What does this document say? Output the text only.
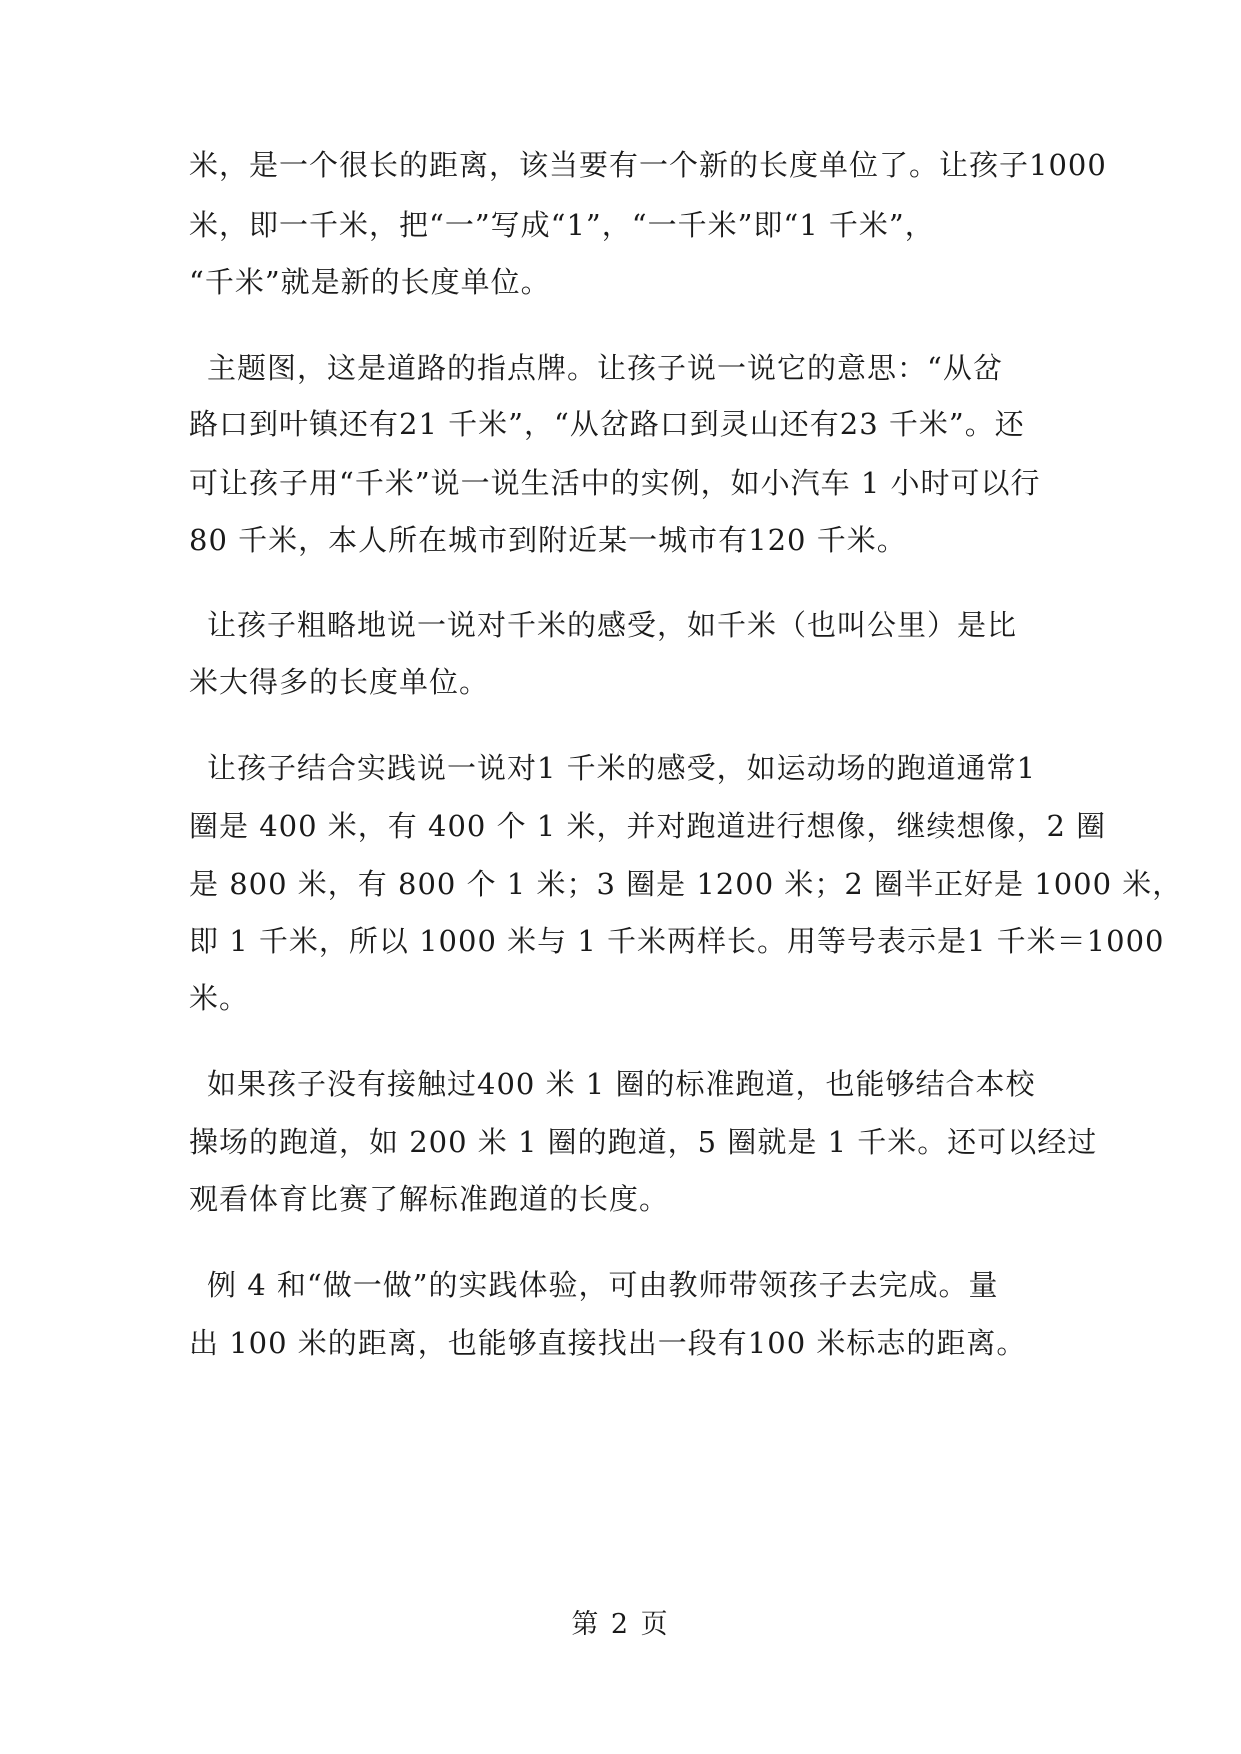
米，是一个很长的距离，该当要有一个新的长度单位了。让孩子1000
米，即一千米，把“一”写成“1”，“一千米”即“1 千米”，
“千米”就是新的长度单位。
主题图，这是道路的指点牌。让孩子说一说它的意思：“从岔
路口到叶镇还有21 千米”，“从岔路口到灵山还有23 千米”。还
可让孩子用“千米”说一说生活中的实例，如小汽车 1 小时可以行
80 千米，本人所在城市到附近某一城市有120 千米。
让孩子粗略地说一说对千米的感受，如千米（也叫公里）是比
米大得多的长度单位。
让孩子结合实践说一说对1 千米的感受，如运动场的跑道通常1
圈是 400 米，有 400 个 1 米，并对跑道进行想像，继续想像，2 圈
是 800 米，有 800 个 1 米；3 圈是 1200 米；2 圈半正好是 1000 米，
即 1 千米，所以 1000 米与 1 千米两样长。用等号表示是1 千米＝1000
米。
如果孩子没有接触过400 米 1 圈的标准跑道，也能够结合本校
操场的跑道，如 200 米 1 圈的跑道，5 圈就是 1 千米。还可以经过
观看体育比赛了解标准跑道的长度。
例 4 和“做一做”的实践体验，可由教师带领孩子去完成。量
出 100 米的距离，也能够直接找出一段有100 米标志的距离。
第 2 页
